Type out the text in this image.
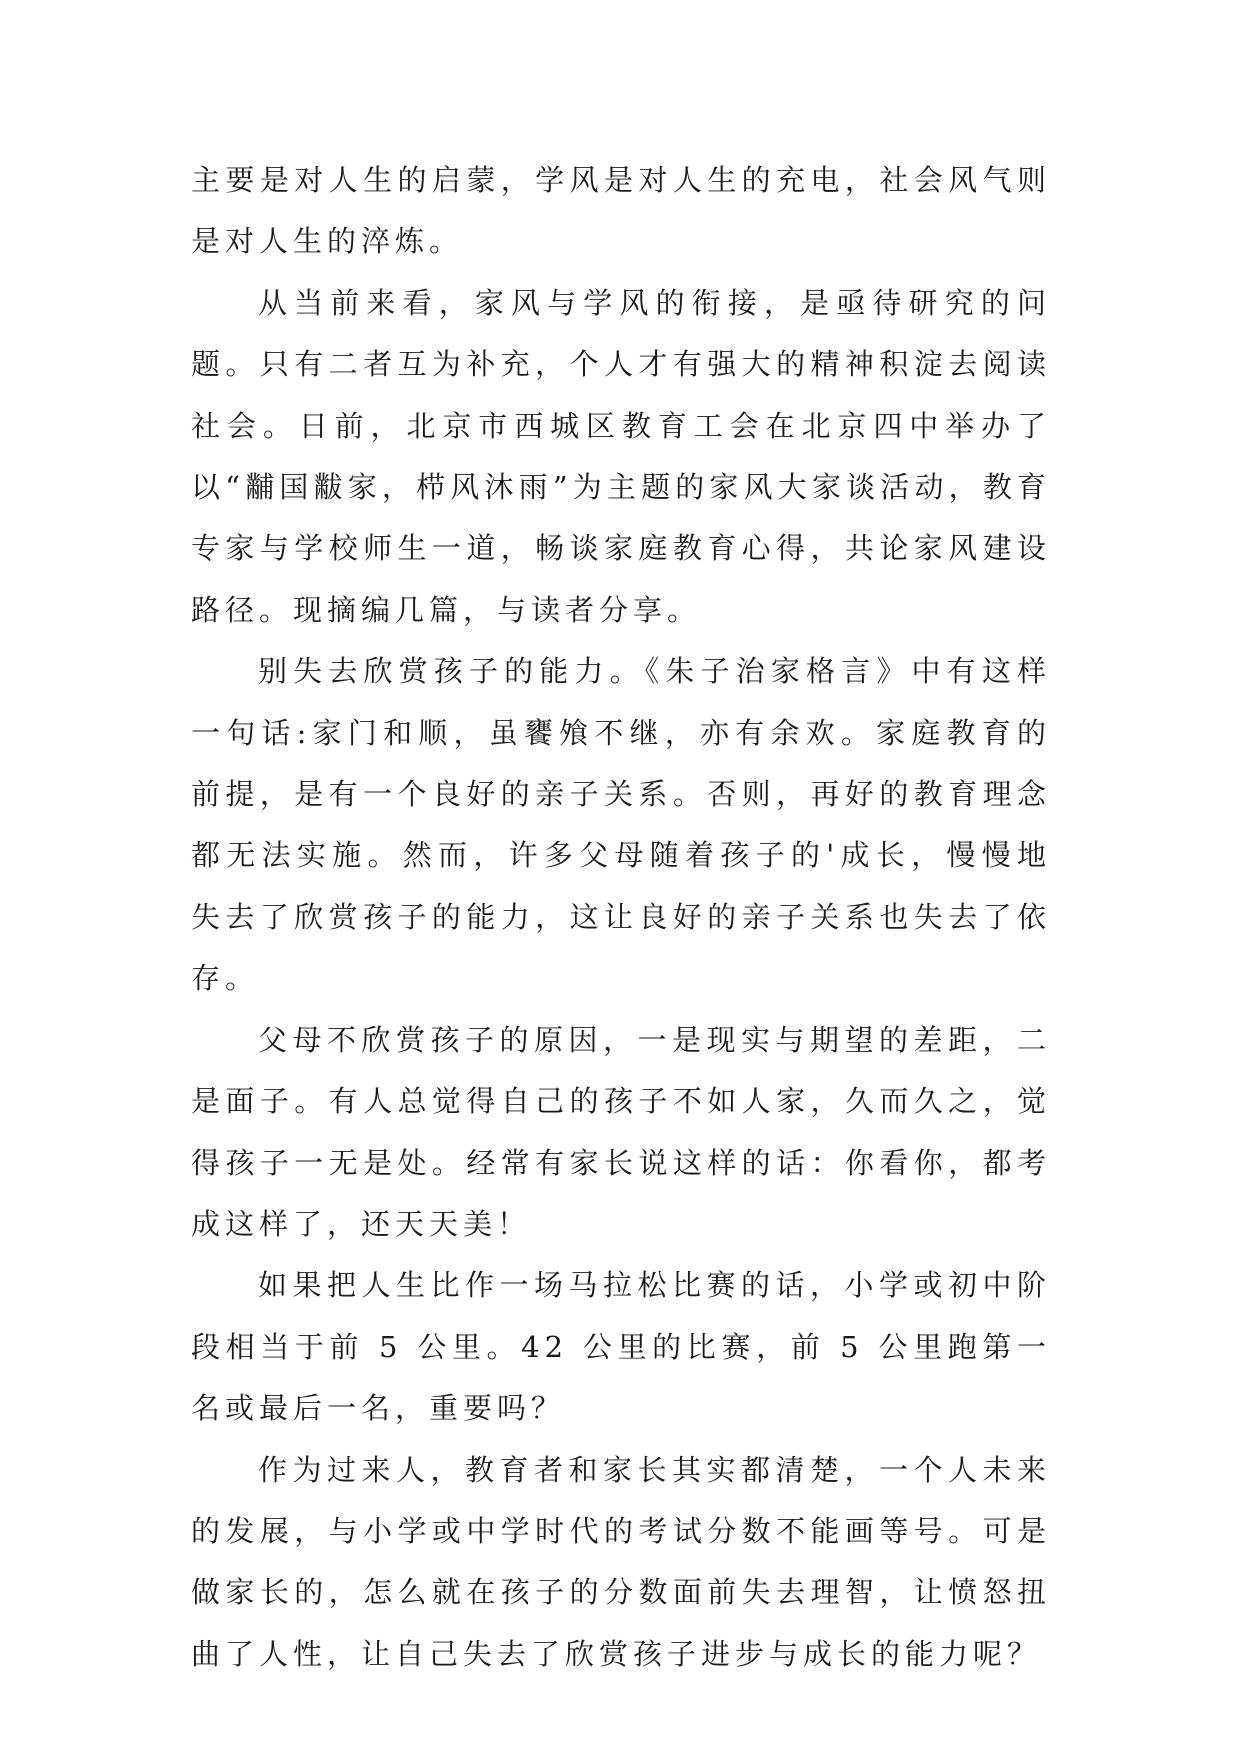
主要是对人生的启蒙，学风是对人生的充电，社会风气则是对人生的淬炼。

从当前来看，家风与学风的衔接，是亟待研究的问题。只有二者互为补充，个人才有强大的精神积淀去阅读社会。日前，北京市西城区教育工会在北京四中举办了以“黼国黻家，栉风沐雨”为主题的家风大家谈活动，教育专家与学校师生一道，畅谈家庭教育心得，共论家风建设路径。现摘编几篇，与读者分享。

别失去欣赏孩子的能力。《朱子治家格言》中有这样一句话:家门和顺，虽饔飧不继，亦有余欢。家庭教育的前提，是有一个良好的亲子关系。否则，再好的教育理念都无法实施。然而，许多父母随着孩子的'成长，慢慢地失去了欣赏孩子的能力，这让良好的亲子关系也失去了依存。

父母不欣赏孩子的原因，一是现实与期望的差距，二是面子。有人总觉得自己的孩子不如人家，久而久之，觉得孩子一无是处。经常有家长说这样的话：你看你，都考成这样了，还天天美！

如果把人生比作一场马拉松比赛的话，小学或初中阶段相当于前 5 公里。42 公里的比赛，前 5 公里跑第一名或最后一名，重要吗？

作为过来人，教育者和家长其实都清楚，一个人未来的发展，与小学或中学时代的考试分数不能画等号。可是做家长的，怎么就在孩子的分数面前失去理智，让愤怒扭曲了人性，让自己失去了欣赏孩子进步与成长的能力呢？
